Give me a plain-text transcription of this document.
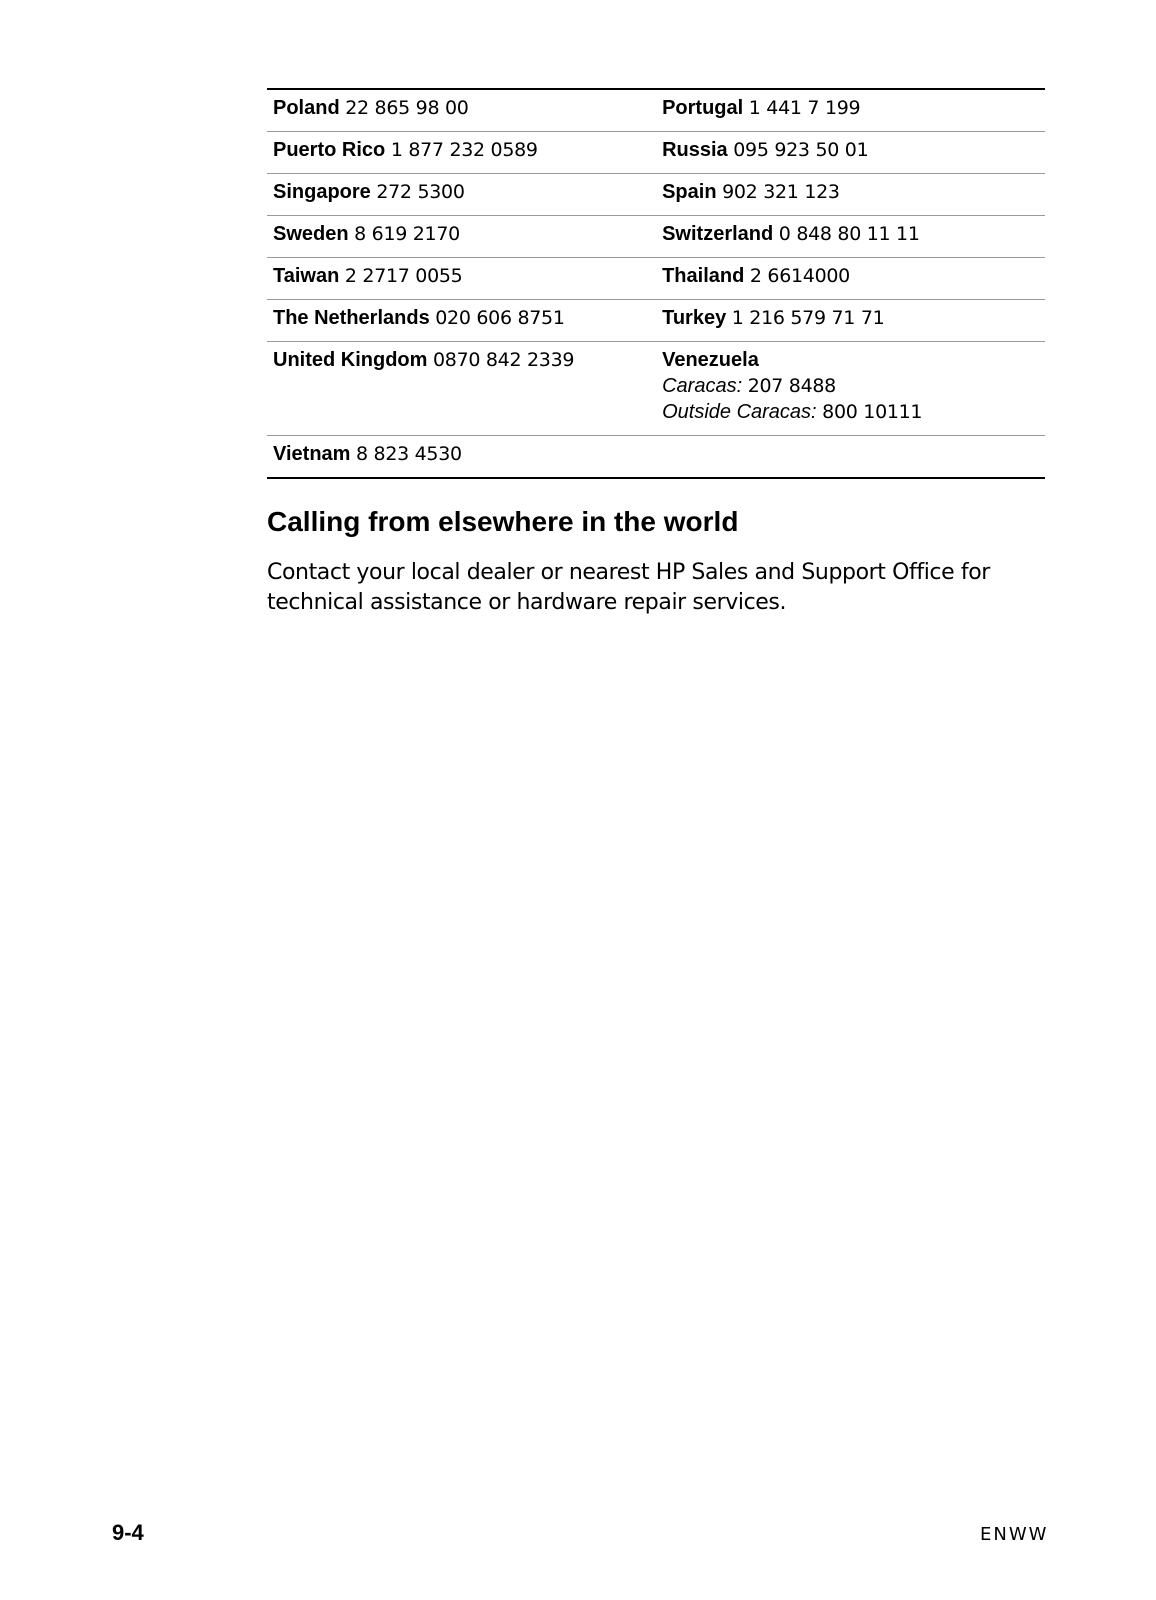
Poland 22 865 98 00	Portugal 1 441 7 199
Puerto Rico 1 877 232 0589	Russia 095 923 50 01
Singapore 272 5300	Spain 902 321 123
Sweden 8 619 2170	Switzerland 0 848 80 11 11
Taiwan 2 2717 0055	Thailand 2 6614000
The Netherlands 020 606 8751	Turkey 1 216 579 71 71
United Kingdom 0870 842 2339	Venezuela
Caracas: 207 8488
Outside Caracas: 800 10111

Vietnam 8 823 4530	
Calling from elsewhere in the world

Contact your local dealer or nearest HP Sales and Support Office for technical assistance or hardware repair services.

9-4	ENWW
